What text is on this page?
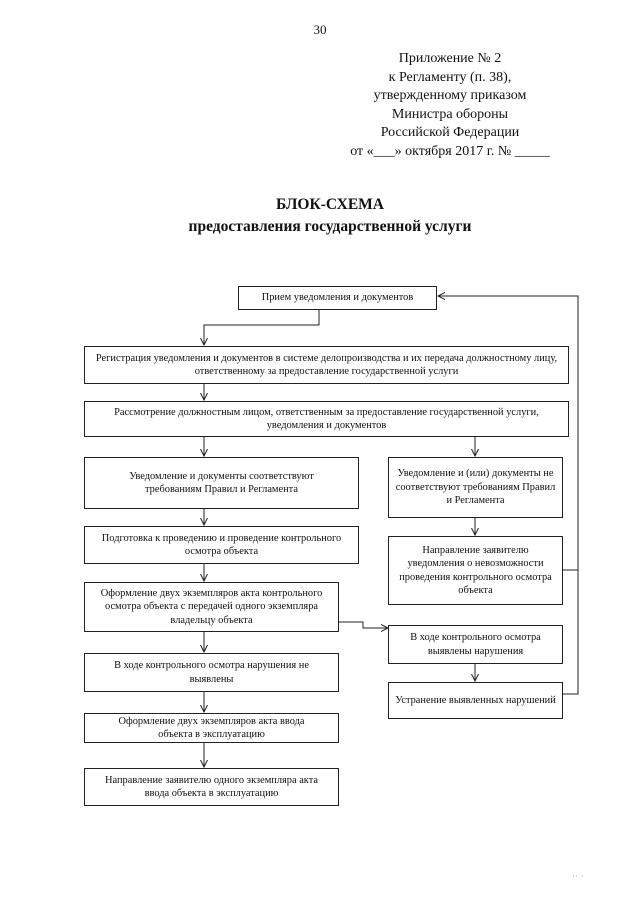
30
Приложение № 2
к Регламенту (п. 38),
утвержденному приказом
Министра обороны
Российской Федерации
от «___» октября 2017 г. № _____
БЛОК-СХЕМА
предоставления государственной услуги
Прием уведомления и документов
Регистрация уведомления и документов в системе делопроизводства и их передача должностному лицу, ответственному за предоставление государственной услуги
Рассмотрение должностным лицом, ответственным за предоставление государственной услуги, уведомления и документов
Уведомление и документы соответствуют требованиям Правил и Регламента
Уведомление и (или) документы не соответствуют требованиям Правил и Регламента
Подготовка к проведению и проведение контрольного осмотра объекта	Направление заявителю уведомления о невозможности проведения контрольного осмотра объекта
Оформление двух экземпляров акта контрольного осмотра объекта с передачей одного экземпляра владельцу объекта
В ходе контрольного осмотра выявлены нарушения
В ходе контрольного осмотра нарушения не выявлены
Устранение выявленных нарушений
Оформление двух экземпляров акта ввода объекта в эксплуатацию
Направление заявителю одного экземпляра акта ввода объекта в эксплуатацию
·· ·
